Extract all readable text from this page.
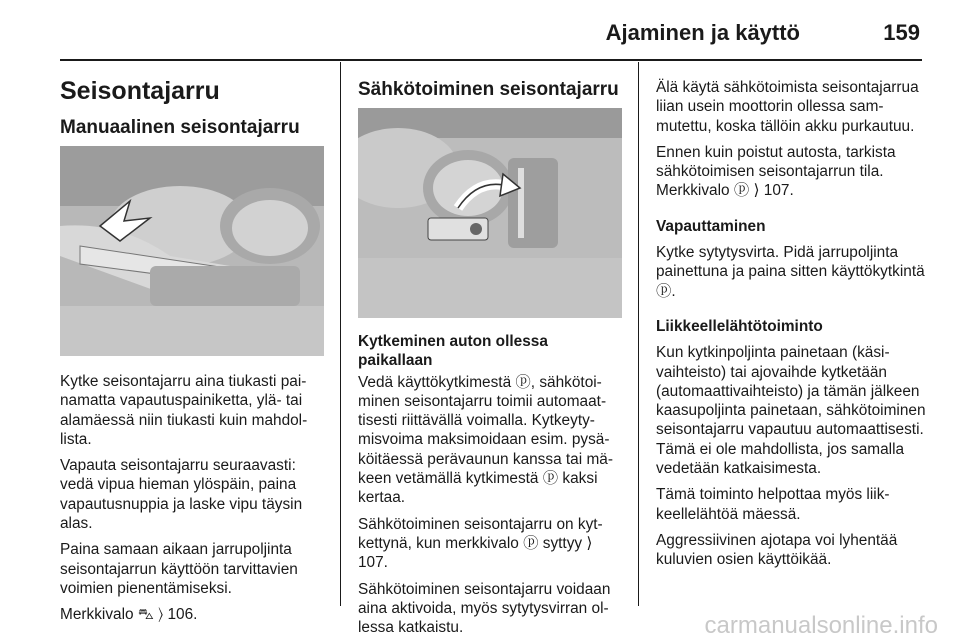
Ajaminen ja käyttö	159
Seisontajarru
Manuaalinen seisontajarru

Kytke seisontajarru aina tiukasti painamatta vapautuspainiketta, ylä- tai alamäessä niin tiukasti kuin mahdollista.

Vapauta seisontajarru seuraavasti: vedä vipua hieman ylöspäin, paina vapautusnuppia ja laske vipu täysin alas.

Paina samaan aikaan jarrupoljinta seisontajarrun käyttöön tarvittavien voimien pienentämiseksi.

Merkkivalo ⛍ ⟩ 106.

Sähkötoiminen seisontajarru

Kytkeminen auton ollessa paikallaan

Vedä käyttökytkimestä ⓟ, sähkötoiminen seisontajarru toimii automaattisesti riittävällä voimalla. Kytkeytymisvoima maksimoidaan esim. pysäköitäessä perävaunun kanssa tai mäkeen vetämällä kytkimestä ⓟ kaksi kertaa.

Sähkötoiminen seisontajarru on kytkettynä, kun merkkivalo ⓟ syttyy ⟩ 107.

Sähkötoiminen seisontajarru voidaan aina aktivoida, myös sytytysvirran ollessa katkaistu.

Älä käytä sähkötoimista seisontajarrua liian usein moottorin ollessa sammutettu, koska tällöin akku purkautuu.

Ennen kuin poistut autosta, tarkista sähkötoimisen seisontajarrun tila. Merkkivalo ⓟ ⟩ 107.

Vapauttaminen

Kytke sytytysvirta. Pidä jarrupoljinta painettuna ja paina sitten käyttökytkintä ⓟ.

Liikkeellelähtötoiminto

Kun kytkinpoljinta painetaan (käsivaihteisto) tai ajovaihde kytketään (automaattivaihteisto) ja tämän jälkeen kaasupoljinta painetaan, sähkötoiminen seisontajarru vapautuu automaattisesti. Tämä ei ole mahdollista, jos samalla vedetään katkaisimesta.

Tämä toiminto helpottaa myös liikkeellelähtöä mäessä.

Aggressiivinen ajotapa voi lyhentää kuluvien osien käyttöikää.

carmanualsonline.info
